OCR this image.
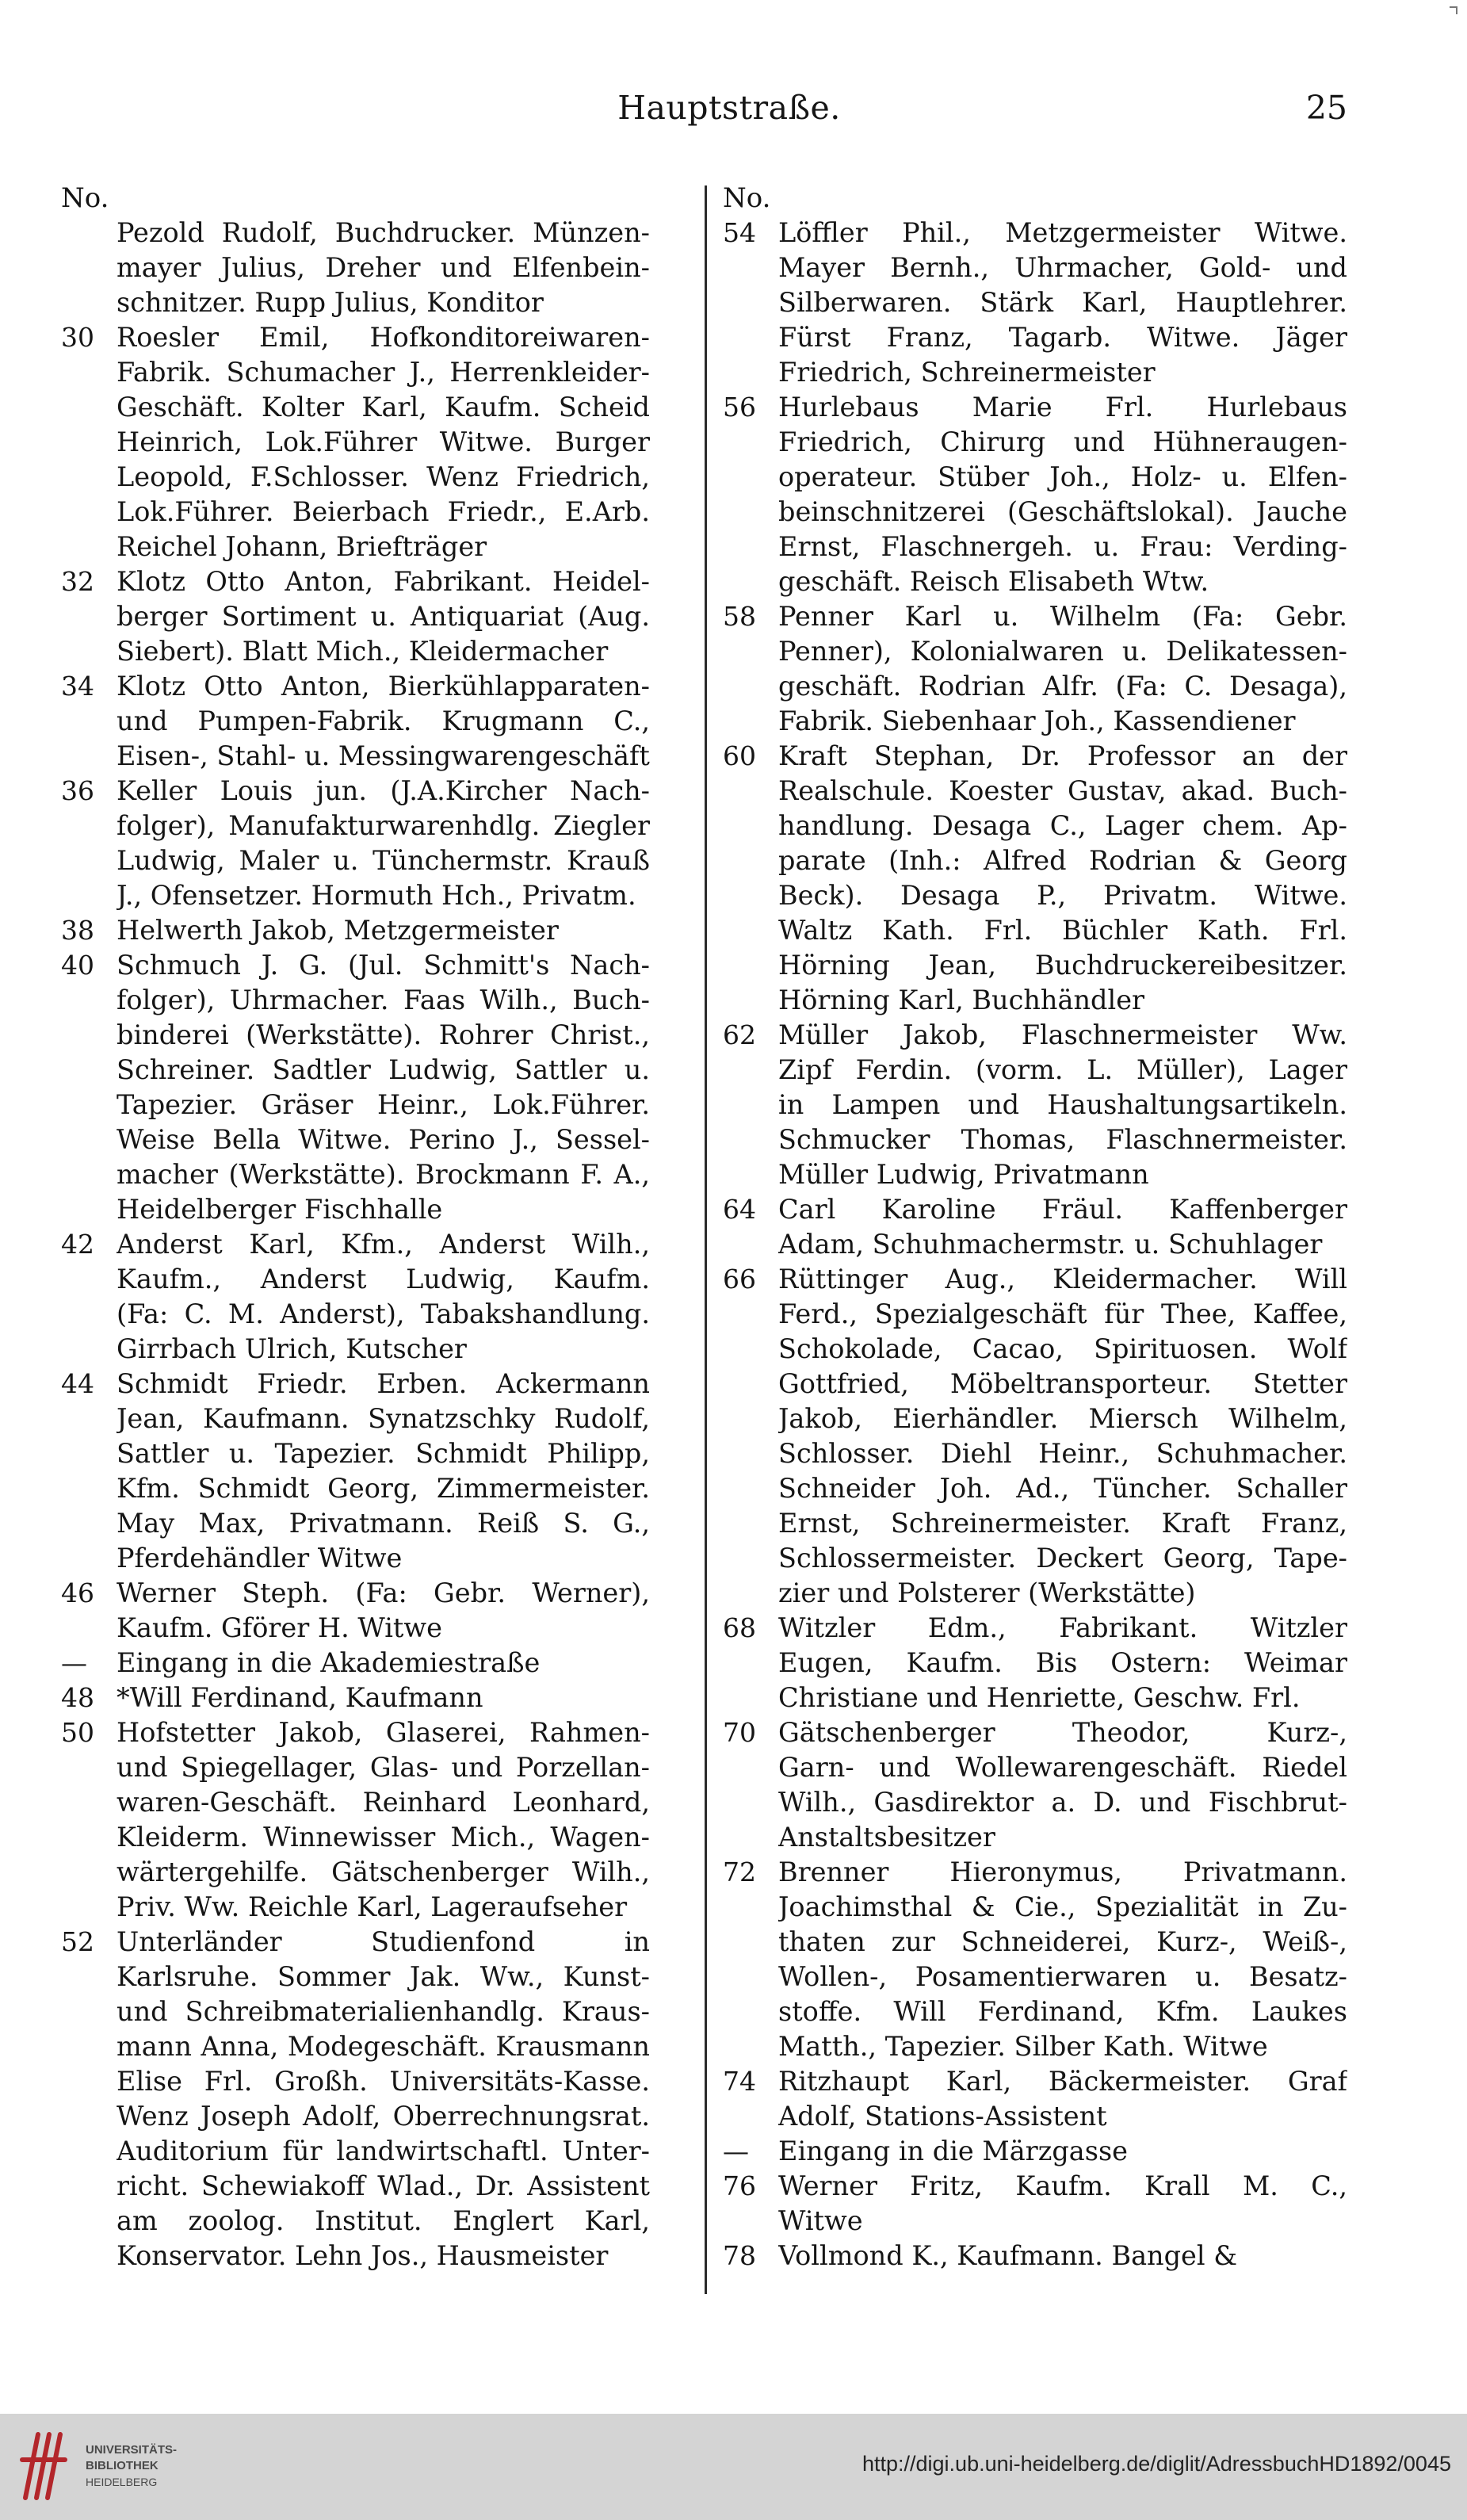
Hauptstraße.	25
No.
Pezold Rudolf, Buchdrucker. Münzen-
mayer Julius, Dreher und Elfenbein-
schnitzer. Rupp Julius, Konditor
30 Roesler Emil, Hofkonditoreiwaren-
Fabrik. Schumacher J., Herrenkleider-
Geschäft. Kolter Karl, Kaufm. Scheid
Heinrich, Lok.Führer Witwe. Burger
Leopold, F.Schlosser. Wenz Friedrich,
Lok.Führer. Beierbach Friedr., E.Arb.
Reichel Johann, Briefträger
32 Klotz Otto Anton, Fabrikant. Heidel-
berger Sortiment u. Antiquariat (Aug.
Siebert). Blatt Mich., Kleidermacher
34 Klotz Otto Anton, Bierkühlapparaten-
und Pumpen-Fabrik. Krugmann C.,
Eisen-, Stahl- u. Messingwarengeschäft
36 Keller Louis jun. (J.A.Kircher Nach-
folger), Manufakturwarenhdlg. Ziegler
Ludwig, Maler u. Tünchermstr. Krauß
J., Ofensetzer. Hormuth Hch., Privatm.
38 Helwerth Jakob, Metzgermeister
40 Schmuch J. G. (Jul. Schmitt's Nach-
folger), Uhrmacher. Faas Wilh., Buch-
binderei (Werkstätte). Rohrer Christ.,
Schreiner. Sadtler Ludwig, Sattler u.
Tapezier. Gräser Heinr., Lok.Führer.
Weise Bella Witwe. Perino J., Sessel-
macher (Werkstätte). Brockmann F. A.,
Heidelberger Fischhalle
42 Anderst Karl, Kfm., Anderst Wilh.,
Kaufm., Anderst Ludwig, Kaufm.
(Fa: C. M. Anderst), Tabakshandlung.
Girrbach Ulrich, Kutscher
44 Schmidt Friedr. Erben. Ackermann
Jean, Kaufmann. Synatzschky Rudolf,
Sattler u. Tapezier. Schmidt Philipp,
Kfm. Schmidt Georg, Zimmermeister.
May Max, Privatmann. Reiß S. G.,
Pferdehändler Witwe
46 Werner Steph. (Fa: Gebr. Werner),
Kaufm. Gförer H. Witwe
—	Eingang in die Akademiestraße
48 *Will Ferdinand, Kaufmann
50 Hofstetter Jakob, Glaserei, Rahmen-
und Spiegellager, Glas- und Porzellan-
waren-Geschäft. Reinhard Leonhard,
Kleiderm. Winnewisser Mich., Wagen-
wärtergehilfe. Gätschenberger Wilh.,
Priv. Ww. Reichle Karl, Lageraufseher
52 Unterländer Studienfond in
Karlsruhe. Sommer Jak. Ww., Kunst-
und Schreibmaterialienhandlg. Kraus-
mann Anna, Modegeschäft. Krausmann
Elise Frl. Großh. Universitäts-Kasse.
Wenz Joseph Adolf, Oberrechnungsrat.
Auditorium für landwirtschaftl. Unter-
richt. Schewiakoff Wlad., Dr. Assistent
am zoolog. Institut. Englert Karl,
Konservator. Lehn Jos., Hausmeister
No.
54 Löffler Phil., Metzgermeister Witwe.
Mayer Bernh., Uhrmacher, Gold- und
Silberwaren. Stärk Karl, Hauptlehrer.
Fürst Franz, Tagarb. Witwe. Jäger
Friedrich, Schreinermeister
56 Hurlebaus Marie Frl. Hurlebaus
Friedrich, Chirurg und Hühneraugen-
operateur. Stüber Joh., Holz- u. Elfen-
beinschnitzerei (Geschäftslokal). Jauche
Ernst, Flaschnergeh. u. Frau: Verding-
geschäft. Reisch Elisabeth Wtw.
58 Penner Karl u. Wilhelm (Fa: Gebr.
Penner), Kolonialwaren u. Delikatessen-
geschäft. Rodrian Alfr. (Fa: C. Desaga),
Fabrik. Siebenhaar Joh., Kassendiener
60 Kraft Stephan, Dr. Professor an der
Realschule. Koester Gustav, akad. Buch-
handlung. Desaga C., Lager chem. Ap-
parate (Inh.: Alfred Rodrian & Georg
Beck). Desaga P., Privatm. Witwe.
Waltz Kath. Frl. Büchler Kath. Frl.
Hörning Jean, Buchdruckereibesitzer.
Hörning Karl, Buchhändler
62 Müller Jakob, Flaschnermeister Ww.
Zipf Ferdin. (vorm. L. Müller), Lager
in Lampen und Haushaltungsartikeln.
Schmucker Thomas, Flaschnermeister.
Müller Ludwig, Privatmann
64 Carl Karoline Fräul. Kaffenberger
Adam, Schuhmachermstr. u. Schuhlager
66 Rüttinger Aug., Kleidermacher. Will
Ferd., Spezialgeschäft für Thee, Kaffee,
Schokolade, Cacao, Spirituosen. Wolf
Gottfried, Möbeltransporteur. Stetter
Jakob, Eierhändler. Miersch Wilhelm,
Schlosser. Diehl Heinr., Schuhmacher.
Schneider Joh. Ad., Tüncher. Schaller
Ernst, Schreinermeister. Kraft Franz,
Schlossermeister. Deckert Georg, Tape-
zier und Polsterer (Werkstätte)
68 Witzler Edm., Fabrikant. Witzler
Eugen, Kaufm. Bis Ostern: Weimar
Christiane und Henriette, Geschw. Frl.
70 Gätschenberger Theodor, Kurz-,
Garn- und Wollewarengeschäft. Riedel
Wilh., Gasdirektor a. D. und Fischbrut-
Anstaltsbesitzer
72 Brenner Hieronymus, Privatmann.
Joachimsthal & Cie., Spezialität in Zu-
thaten zur Schneiderei, Kurz-, Weiß-,
Wollen-, Posamentierwaren u. Besatz-
stoffe. Will Ferdinand, Kfm. Laukes
Matth., Tapezier. Silber Kath. Witwe
74 Ritzhaupt Karl, Bäckermeister. Graf
Adolf, Stations-Assistent
—	Eingang in die Märzgasse
76 Werner Fritz, Kaufm. Krall M. C.,
Witwe
78 Vollmond K., Kaufmann. Bangel &
UNIVERSITÄTS-
BIBLIOTHEK
HEIDELBERG
http://digi.ub.uni-heidelberg.de/diglit/AdressbuchHD1892/0045
